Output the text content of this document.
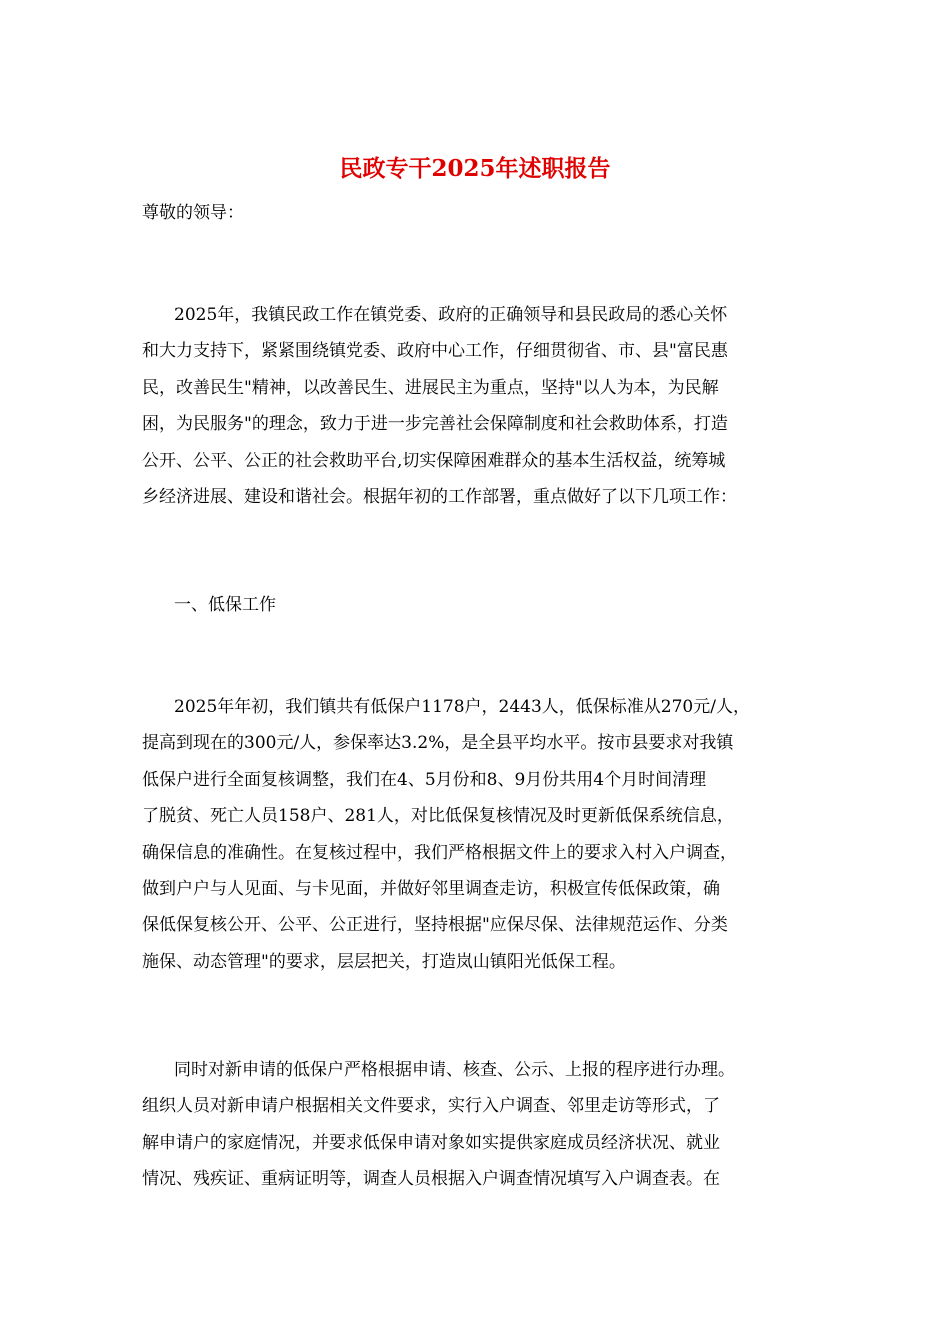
民政专干2025年述职报告

尊敬的领导：

2025年，我镇民政工作在镇党委、政府的正确领导和县民政局的悉心关怀
和大力支持下，紧紧围绕镇党委、政府中心工作，仔细贯彻省、市、县"富民惠
民，改善民生"精神，以改善民生、进展民主为重点，坚持"以人为本，为民解
困，为民服务"的理念，致力于进一步完善社会保障制度和社会救助体系，打造
公开、公平、公正的社会救助平台,切实保障困难群众的基本生活权益，统筹城
乡经济进展、建设和谐社会。根据年初的工作部署，重点做好了以下几项工作：

一、低保工作

2025年年初，我们镇共有低保户1178户，2443人，低保标准从270元/人，
提高到现在的300元/人，参保率达3.2%，是全县平均水平。按市县要求对我镇
低保户进行全面复核调整，我们在4、5月份和8、9月份共用4个月时间清理
了脱贫、死亡人员158户、281人，对比低保复核情况及时更新低保系统信息，
确保信息的准确性。在复核过程中，我们严格根据文件上的要求入村入户调查，
做到户户与人见面、与卡见面，并做好邻里调查走访，积极宣传低保政策，确
保低保复核公开、公平、公正进行，坚持根据"应保尽保、法律规范运作、分类
施保、动态管理"的要求，层层把关，打造岚山镇阳光低保工程。

同时对新申请的低保户严格根据申请、核查、公示、上报的程序进行办理。
组织人员对新申请户根据相关文件要求，实行入户调查、邻里走访等形式，了
解申请户的家庭情况，并要求低保申请对象如实提供家庭成员经济状况、就业
情况、残疾证、重病证明等，调查人员根据入户调查情况填写入户调查表。在
